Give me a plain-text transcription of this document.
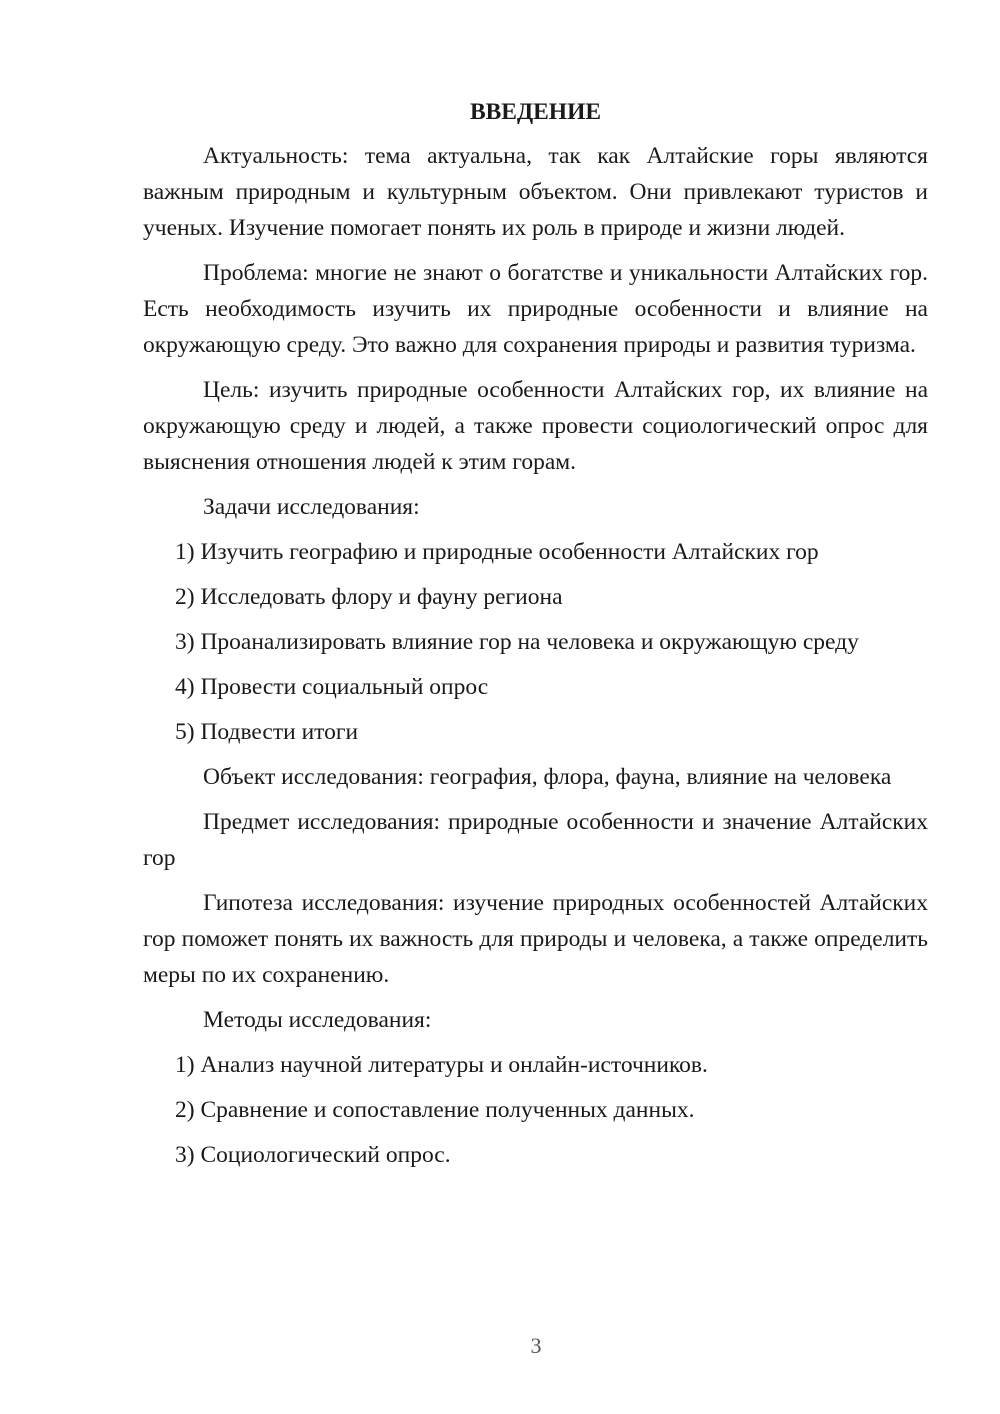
ВВЕДЕНИЕ

Актуальность: тема актуальна, так как Алтайские горы являются важным природным и культурным объектом. Они привлекают туристов и ученых. Изучение помогает понять их роль в природе и жизни людей.

Проблема: многие не знают о богатстве и уникальности Алтайских гор. Есть необходимость изучить их природные особенности и влияние на окружающую среду. Это важно для сохранения природы и развития туризма.

Цель: изучить природные особенности Алтайских гор, их влияние на окружающую среду и людей, а также провести социологический опрос для выяснения отношения людей к этим горам.

Задачи исследования:

1) Изучить географию и природные особенности Алтайских гор

2) Исследовать флору и фауну региона

3) Проанализировать влияние гор на человека и окружающую среду

4) Провести социальный опрос

5) Подвести итоги

Объект исследования: география, флора, фауна, влияние на человека

Предмет исследования: природные особенности и значение Алтайских гор

Гипотеза исследования: изучение природных особенностей Алтайских гор поможет понять их важность для природы и человека, а также определить меры по их сохранению.

Методы исследования:

1) Анализ научной литературы и онлайн-источников.

2) Сравнение и сопоставление полученных данных.

3) Социологический опрос.

3
